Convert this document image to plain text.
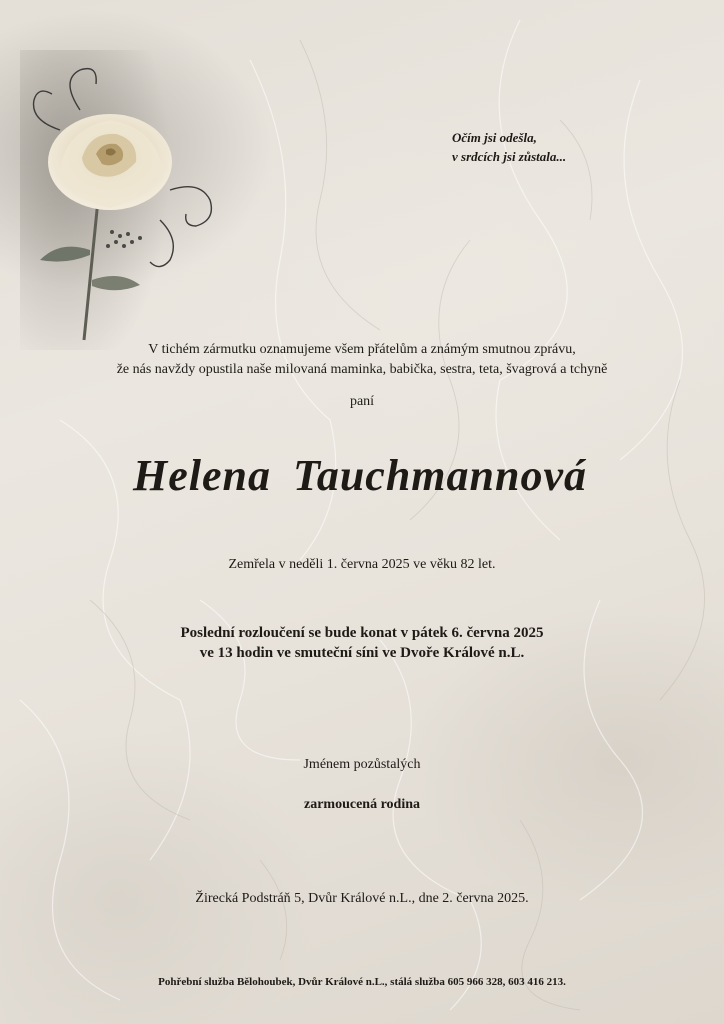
Očím jsi odešla,
v srdcích jsi zůstala...
V tichém zármutku oznamujeme všem přátelům a známým smutnou zprávu,
že nás navždy opustila naše milovaná maminka, babička, sestra, teta, švagrová a tchyně
paní
Helena Tauchmannová
Zemřela v neděli 1. června 2025 ve věku 82 let.
Poslední rozloučení se bude konat v pátek 6. června 2025
ve 13 hodin ve smuteční síni ve Dvoře Králové n.L.
Jménem pozůstalých
zarmoucená rodina
Žirecká Podstráň 5, Dvůr Králové n.L., dne 2. června 2025.
Pohřební služba Bělohoubek, Dvůr Králové n.L., stálá služba 605 966 328, 603 416 213.
